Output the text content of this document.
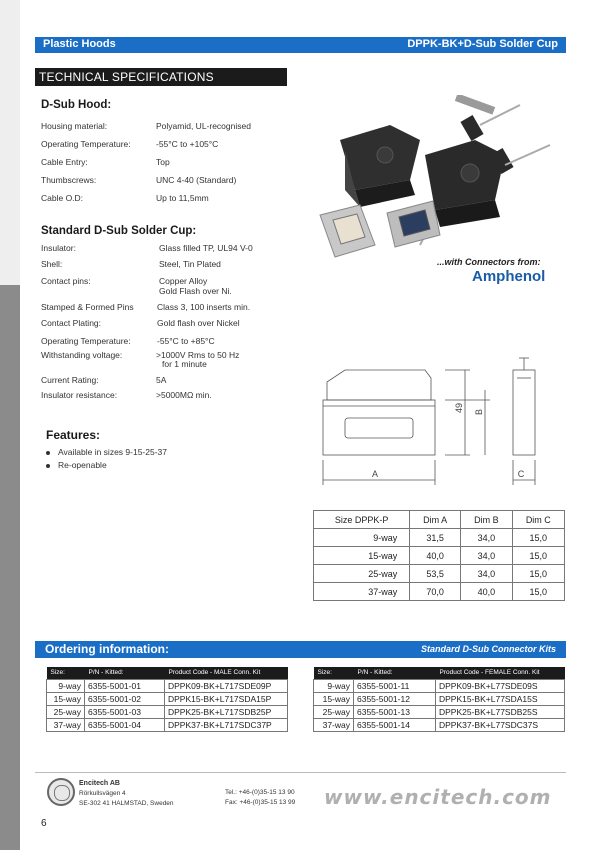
Plastic Hoods	DPPK-BK+D-Sub Solder Cup
TECHNICAL SPECIFICATIONS
D-Sub Hood:
Housing material:	Polyamid, UL-recognised
Operating Temperature:	-55°C to +105°C
Cable Entry:	Top
Thumbscrews:	UNC 4-40 (Standard)
Cable O.D:	Up to 11,5mm
Standard D-Sub Solder Cup:
Insulator:	Glass filled TP, UL94 V-0
Shell:	Steel, Tin Plated
Contact pins:	Copper Alloy
Gold Flash over Ni.
Stamped & Formed Pins	Class 3, 100 inserts min.
Contact Plating:	Gold flash over Nickel
Operating Temperature:	-55°C to +85°C
Withstanding voltage:	>1000V Rms to 50 Hz
for 1 minute
Current Rating:	5A
Insulator resistance:	>5000MΩ min.
Features:
Available in sizes 9-15-25-37
Re-openable
...with Connectors from:
Amphenol
A	C
49 B
Size DPPK-P	Dim A	Dim B	Dim C
9-way	31,5	34,0	15,0
15-way	40,0	34,0	15,0
25-way	53,5	34,0	15,0
37-way	70,0	40,0	15,0
Ordering information:	Standard D-Sub Connector Kits
Size:	P/N - Kitted:	Product Code - MALE Conn. Kit
9-way	6355-5001-01	DPPK09-BK+L717SDE09P
15-way	6355-5001-02	DPPK15-BK+L717SDA15P
25-way	6355-5001-03	DPPK25-BK+L717SDB25P
37-way	6355-5001-04	DPPK37-BK+L717SDC37P
Size:	P/N - Kitted:	Product Code - FEMALE Conn. Kit
9-way	6355-5001-11	DPPK09-BK+L77SDE09S
15-way	6355-5001-12	DPPK15-BK+L77SDA15S
25-way	6355-5001-13	DPPK25-BK+L77SDB25S
37-way	6355-5001-14	DPPK37-BK+L77SDC37S
Encitech AB
Rörkullsvägen 4
SE-302 41 HALMSTAD, Sweden
Tel.: +46-(0)35-15 13 90
Fax: +46-(0)35-15 13 99 www.encitech.com
6
